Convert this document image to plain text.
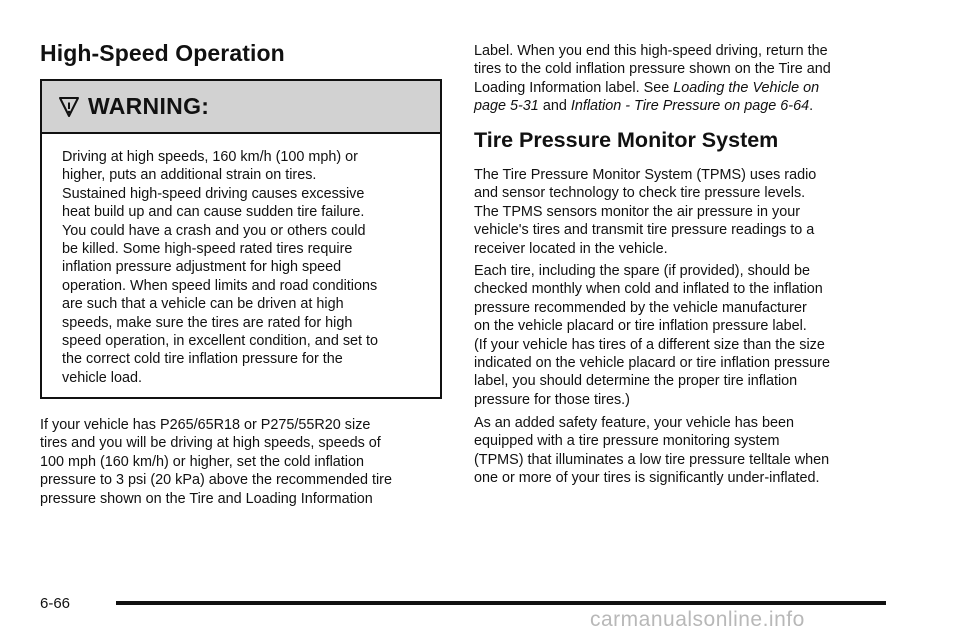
High-Speed Operation
WARNING:
Driving at high speeds, 160 km/h (100 mph) or
higher, puts an additional strain on tires.
Sustained high-speed driving causes excessive
heat build up and can cause sudden tire failure.
You could have a crash and you or others could
be killed. Some high-speed rated tires require
inflation pressure adjustment for high speed
operation. When speed limits and road conditions
are such that a vehicle can be driven at high
speeds, make sure the tires are rated for high
speed operation, in excellent condition, and set to
the correct cold tire inflation pressure for the
vehicle load.
If your vehicle has P265/65R18 or P275/55R20 size
tires and you will be driving at high speeds, speeds of
100 mph (160 km/h) or higher, set the cold inflation
pressure to 3 psi (20 kPa) above the recommended tire
pressure shown on the Tire and Loading Information
Label. When you end this high-speed driving, return the
tires to the cold inflation pressure shown on the Tire and
Loading Information label. See Loading the Vehicle on
page 5‑31 and Inflation ‑ Tire Pressure on page 6‑64.
Tire Pressure Monitor System
The Tire Pressure Monitor System (TPMS) uses radio
and sensor technology to check tire pressure levels.
The TPMS sensors monitor the air pressure in your
vehicle's tires and transmit tire pressure readings to a
receiver located in the vehicle.
Each tire, including the spare (if provided), should be
checked monthly when cold and inflated to the inflation
pressure recommended by the vehicle manufacturer
on the vehicle placard or tire inflation pressure label.
(If your vehicle has tires of a different size than the size
indicated on the vehicle placard or tire inflation pressure
label, you should determine the proper tire inflation
pressure for those tires.)
As an added safety feature, your vehicle has been
equipped with a tire pressure monitoring system
(TPMS) that illuminates a low tire pressure telltale when
one or more of your tires is significantly under-inflated.
6-66
carmanualsonline.info
